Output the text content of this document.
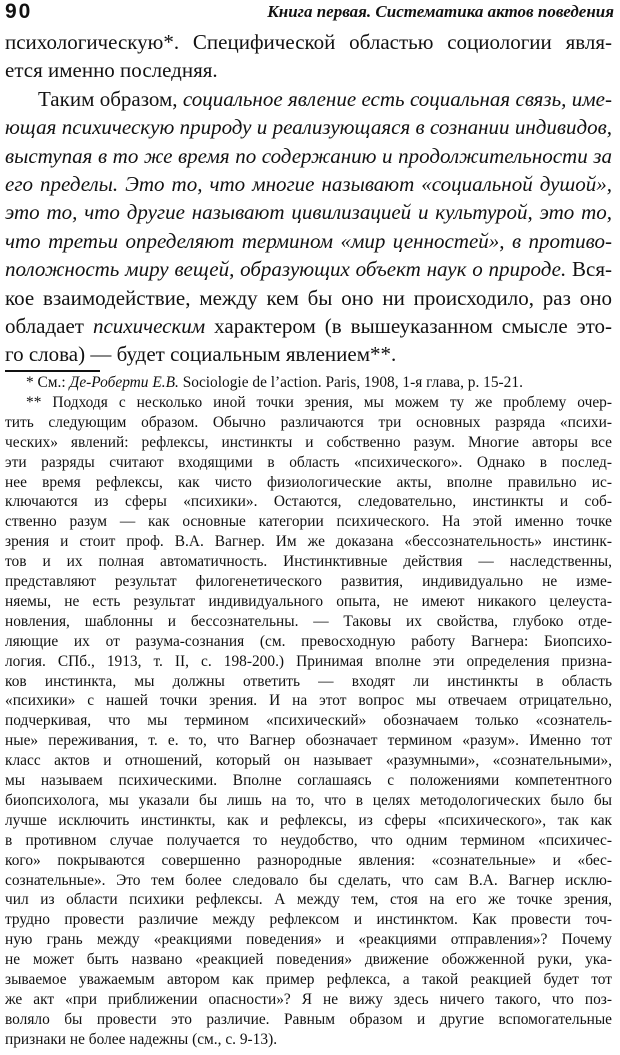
90	Книга первая. Систематика актов поведения
психологическую*. Специфической областью социологии явля-
ется именно последняя.
Таким образом, социальное явление есть социальная связь, име-
ющая психическую природу и реализующаяся в сознании индивидов,
выступая в то же время по содержанию и продолжительности за
его пределы. Это то, что многие называют «социальной душой»,
это то, что другие называют цивилизацией и культурой, это то,
что третьи определяют термином «мир ценностей», в противо-
положность миру вещей, образующих объект наук о природе. Вся-
кое взаимодействие, между кем бы оно ни происходило, раз оно
обладает психическим характером (в вышеуказанном смысле это-
го слова) — будет социальным явлением**.
* См.: Де-Роберти Е.В. Sociologie de l’action. Paris, 1908, 1-я глава, p. 15-21.
** Подходя с несколько иной точки зрения, мы можем ту же проблему очер-
тить следующим образом. Обычно различаются три основных разряда «психи-
ческих» явлений: рефлексы, инстинкты и собственно разум. Многие авторы все
эти разряды считают входящими в область «психического». Однако в послед-
нее время рефлексы, как чисто физиологические акты, вполне правильно ис-
ключаются из сферы «психики». Остаются, следовательно, инстинкты и соб-
ственно разум — как основные категории психического. На этой именно точке
зрения и стоит проф. В.А. Вагнер. Им же доказана «бессознательность» инстинк-
тов и их полная автоматичность. Инстинктивные действия — наследственны,
представляют результат филогенетического развития, индивидуально не изме-
няемы, не есть результат индивидуального опыта, не имеют никакого целеуста-
новления, шаблонны и бессознательны. — Таковы их свойства, глубоко отде-
ляющие их от разума-сознания (см. превосходную работу Вагнера: Биопсихо-
логия. СПб., 1913, т. II, с. 198-200.) Принимая вполне эти определения призна-
ков инстинкта, мы должны ответить — входят ли инстинкты в область
«психики» с нашей точки зрения. И на этот вопрос мы отвечаем отрицательно,
подчеркивая, что мы термином «психический» обозначаем только «сознатель-
ные» переживания, т. е. то, что Вагнер обозначает термином «разум». Именно тот
класс актов и отношений, который он называет «разумными», «сознательными»,
мы называем психическими. Вполне соглашаясь с положениями компетентного
биопсихолога, мы указали бы лишь на то, что в целях методологических было бы
лучше исключить инстинкты, как и рефлексы, из сферы «психического», так как
в противном случае получается то неудобство, что одним термином «психичес-
кого» покрываются совершенно разнородные явления: «сознательные» и «бес-
сознательные». Это тем более следовало бы сделать, что сам В.А. Вагнер исклю-
чил из области психики рефлексы. А между тем, стоя на его же точке зрения,
трудно провести различие между рефлексом и инстинктом. Как провести точ-
ную грань между «реакциями поведения» и «реакциями отправления»? Почему
не может быть названо «реакцией поведения» движение обожженной руки, ука-
зываемое уважаемым автором как пример рефлекса, а такой реакцией будет тот
же акт «при приближении опасности»? Я не вижу здесь ничего такого, что поз-
воляло бы провести это различие. Равным образом и другие вспомогательные
признаки не более надежны (см., с. 9-13).
